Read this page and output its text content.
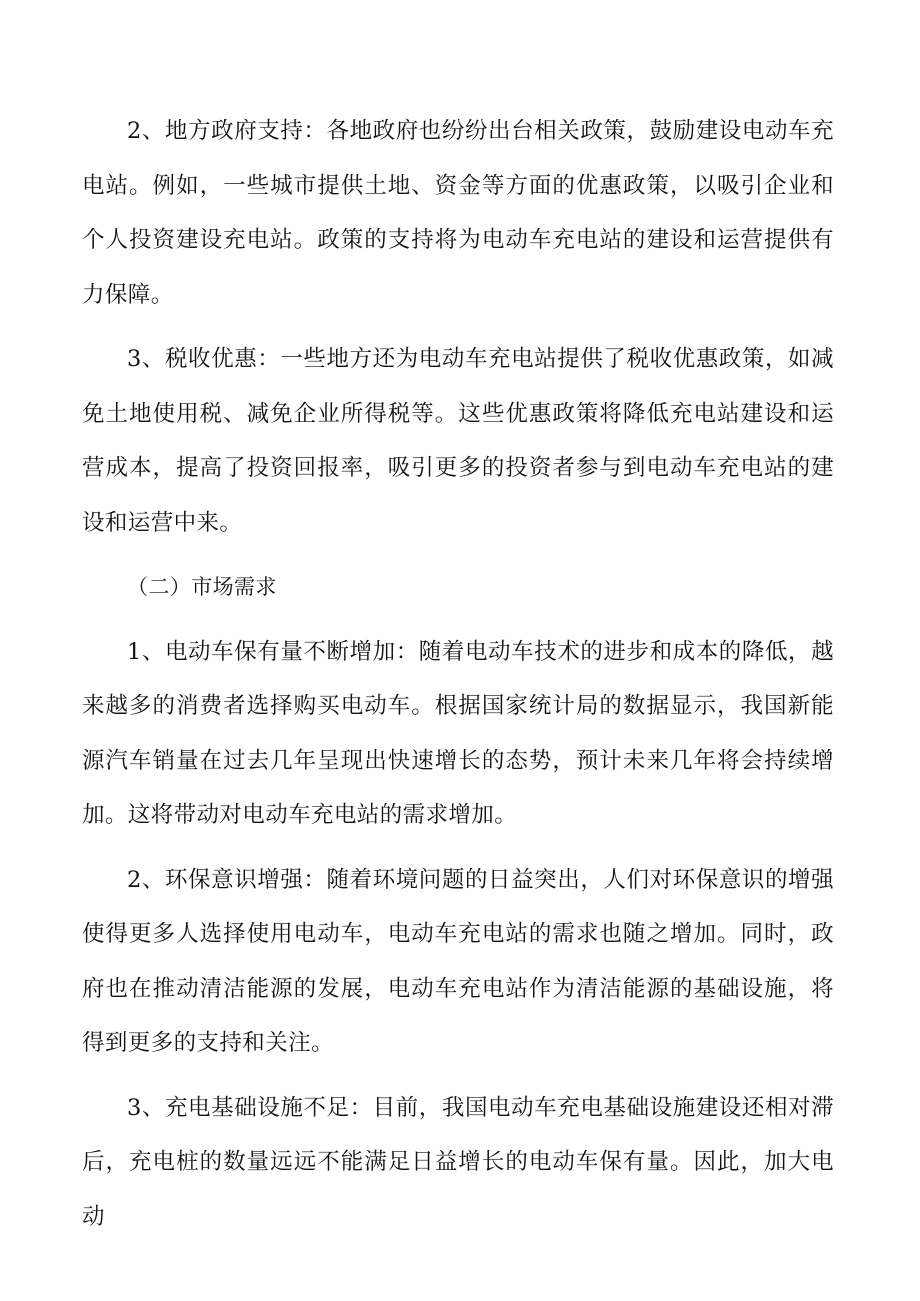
2、地方政府支持：各地政府也纷纷出台相关政策，鼓励建设电动车充电站。例如，一些城市提供土地、资金等方面的优惠政策，以吸引企业和个人投资建设充电站。政策的支持将为电动车充电站的建设和运营提供有力保障。

3、税收优惠：一些地方还为电动车充电站提供了税收优惠政策，如减免土地使用税、减免企业所得税等。这些优惠政策将降低充电站建设和运营成本，提高了投资回报率，吸引更多的投资者参与到电动车充电站的建设和运营中来。

（二）市场需求

1、电动车保有量不断增加：随着电动车技术的进步和成本的降低，越来越多的消费者选择购买电动车。根据国家统计局的数据显示，我国新能源汽车销量在过去几年呈现出快速增长的态势，预计未来几年将会持续增加。这将带动对电动车充电站的需求增加。

2、环保意识增强：随着环境问题的日益突出，人们对环保意识的增强使得更多人选择使用电动车，电动车充电站的需求也随之增加。同时，政府也在推动清洁能源的发展，电动车充电站作为清洁能源的基础设施，将得到更多的支持和关注。

3、充电基础设施不足：目前，我国电动车充电基础设施建设还相对滞后，充电桩的数量远远不能满足日益增长的电动车保有量。因此，加大电动
